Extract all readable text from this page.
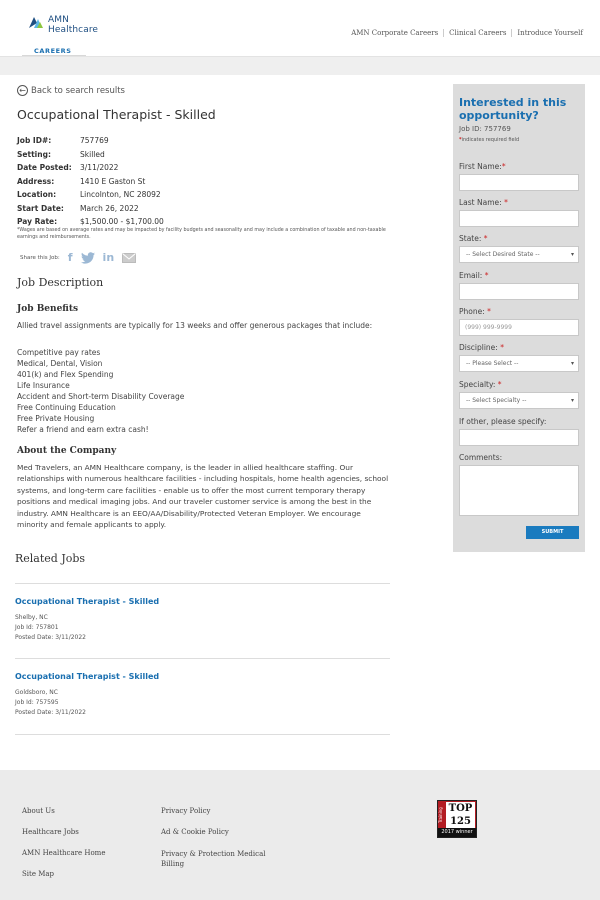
AMN Healthcare
CAREERS
AMN Corporate Careers	Clinical Careers	Introduce Yourself
← Back to search results
Occupational Therapist - Skilled
Job ID#:	757769
Setting:	Skilled
Date Posted:	3/11/2022
Address:	1410 E Gaston St
Location:	Lincolnton, NC 28092
Start Date:	March 26, 2022
Pay Rate:	$1,500.00 - $1,700.00
*Wages are based on average rates and may be impacted by facility budgets and seasonality and may include a combination of taxable and non-taxable earnings and reimbursements.
Share this Job: f	in
Job Description
Job Benefits
Allied travel assignments are typically for 13 weeks and offer generous packages that include:
Competitive pay rates
Medical, Dental, Vision
401(k) and Flex Spending
Life Insurance
Accident and Short-term Disability Coverage
Free Continuing Education
Free Private Housing
Refer a friend and earn extra cash!
About the Company
Med Travelers, an AMN Healthcare company, is the leader in allied healthcare staffing. Our relationships with numerous healthcare facilities - including hospitals, home health agencies, school systems, and long-term care facilities - enable us to offer the most current temporary therapy positions and medical imaging jobs. And our traveler customer service is among the best in the industry. AMN Healthcare is an EEO/AA/Disability/Protected Veteran Employer. We encourage minority and female applicants to apply.
Related Jobs
Occupational Therapist - Skilled
Shelby, NC
Job Id: 757801
Posted Date: 3/11/2022
Occupational Therapist - Skilled
Goldsboro, NC
Job Id: 757595
Posted Date: 3/11/2022
Interested in this opportunity?
Job ID: 757769
*indicates required field
First Name:*
Last Name: *
State: *
-- Select Desired State -- ▾
Email: *
Phone: *
(999) 999-9999
Discipline: *
-- Please Select -- ▾
Specialty: *
-- Select Specialty -- ▾
If other, please specify:
Comments:
SUBMIT
About Us
Healthcare Jobs
AMN Healthcare Home
Site Map
Privacy Policy
Ad & Cookie Policy
Privacy & Protection Medical Billing
Training TOP 125
2017 winner
